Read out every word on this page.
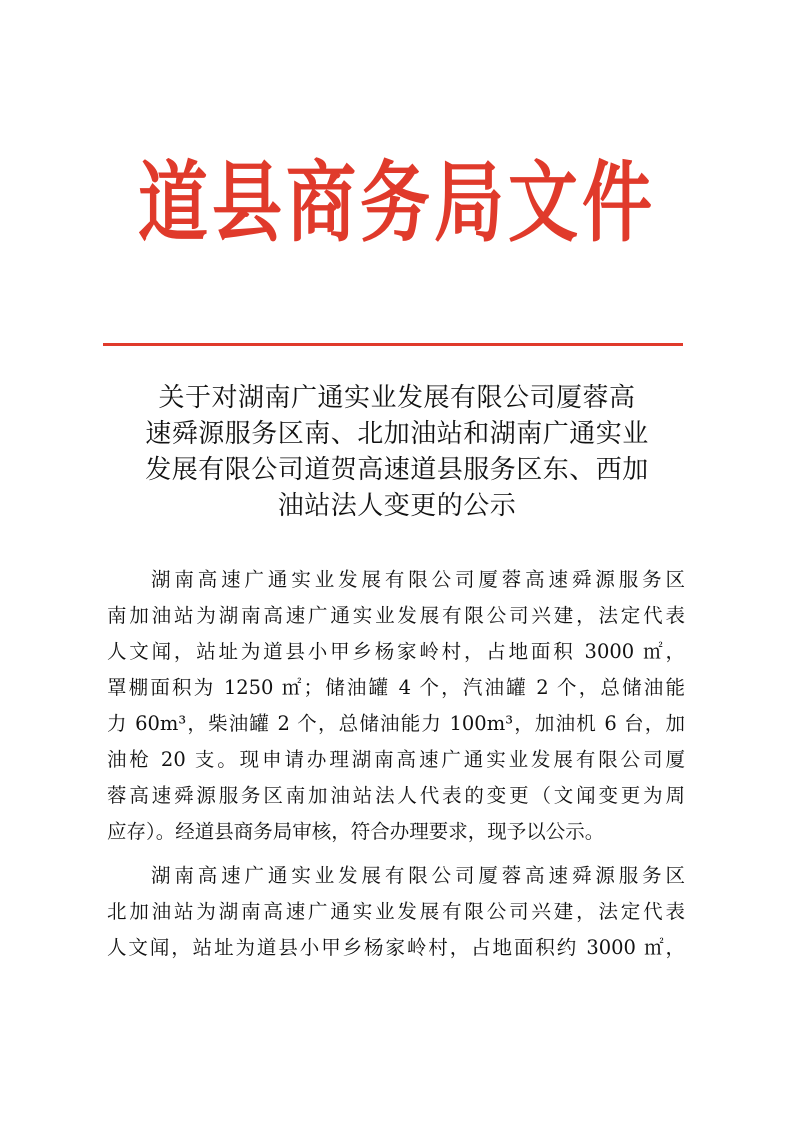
道县商务局文件
关于对湖南广通实业发展有限公司厦蓉高
速舜源服务区南、北加油站和湖南广通实业
发展有限公司道贺高速道县服务区东、西加
油站法人变更的公示
湖南高速广通实业发展有限公司厦蓉高速舜源服务区
南加油站为湖南高速广通实业发展有限公司兴建，法定代表
人文闻，站址为道县小甲乡杨家岭村，占地面积 3000 ㎡，
罩棚面积为 1250 ㎡；储油罐 4 个，汽油罐 2 个，总储油能
力 60m³，柴油罐 2 个，总储油能力 100m³，加油机 6 台，加
油枪 20 支。现申请办理湖南高速广通实业发展有限公司厦
蓉高速舜源服务区南加油站法人代表的变更（文闻变更为周
应存）。经道县商务局审核，符合办理要求，现予以公示。
湖南高速广通实业发展有限公司厦蓉高速舜源服务区
北加油站为湖南高速广通实业发展有限公司兴建，法定代表
人文闻，站址为道县小甲乡杨家岭村，占地面积约 3000 ㎡，
